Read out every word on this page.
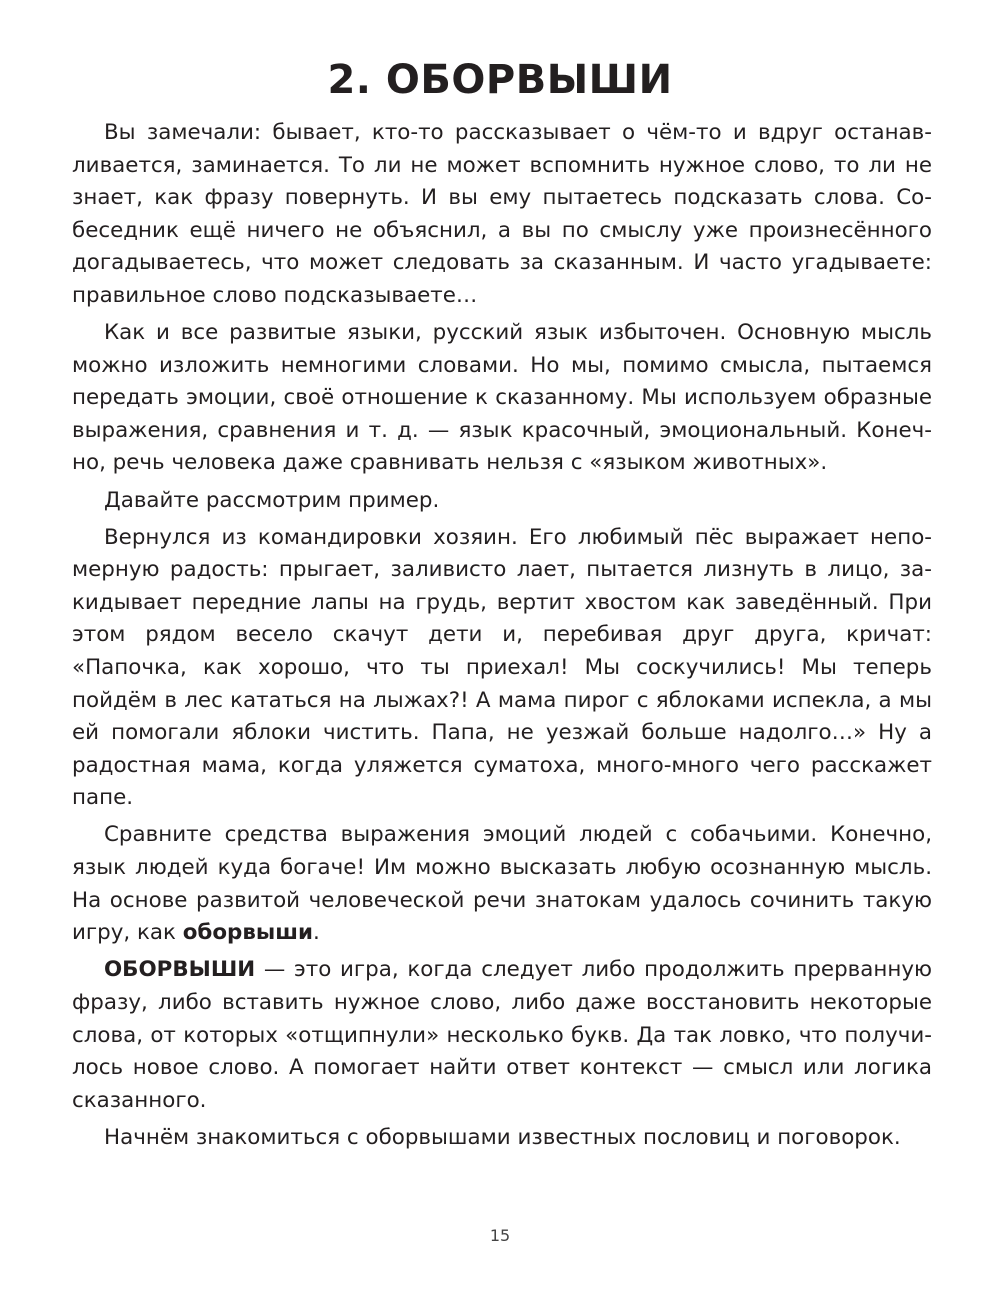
2. ОБОРВЫШИ

Вы замечали: бывает, кто-то рассказывает о чём-то и вдруг останавливается, заминается. То ли не может вспомнить нужное слово, то ли не знает, как фразу повернуть. И вы ему пытаетесь подсказать слова. Собеседник ещё ничего не объяснил, а вы по смыслу уже произнесённого догадываетесь, что может следовать за сказанным. И часто угадываете: правильное слово подсказываете…

Как и все развитые языки, русский язык избыточен. Основную мысль можно изложить немногими словами. Но мы, помимо смысла, пытаемся передать эмоции, своё отношение к сказанному. Мы используем образные выражения, сравнения и т. д. — язык красочный, эмоциональный. Конечно, речь человека даже сравнивать нельзя с «языком животных».

Давайте рассмотрим пример.

Вернулся из командировки хозяин. Его любимый пёс выражает непомерную радость: прыгает, заливисто лает, пытается лизнуть в лицо, закидывает передние лапы на грудь, вертит хвостом как заведённый. При этом рядом весело скачут дети и, перебивая друг друга, кричат: «Папочка, как хорошо, что ты приехал! Мы соскучились! Мы теперь пойдём в лес кататься на лыжах?! А мама пирог с яблоками испекла, а мы ей помогали яблоки чистить. Папа, не уезжай больше надолго…» Ну а радостная мама, когда уляжется суматоха, много-много чего расскажет папе.

Сравните средства выражения эмоций людей с собачьими. Конечно, язык людей куда богаче! Им можно высказать любую осознанную мысль. На основе развитой человеческой речи знатокам удалось сочинить такую игру, как оборвыши.

ОБОРВЫШИ — это игра, когда следует либо продолжить прерванную фразу, либо вставить нужное слово, либо даже восстановить некоторые слова, от которых «отщипнули» несколько букв. Да так ловко, что получилось новое слово. А помогает найти ответ контекст — смысл или логика сказанного.

Начнём знакомиться с оборвышами известных пословиц и поговорок.

15
